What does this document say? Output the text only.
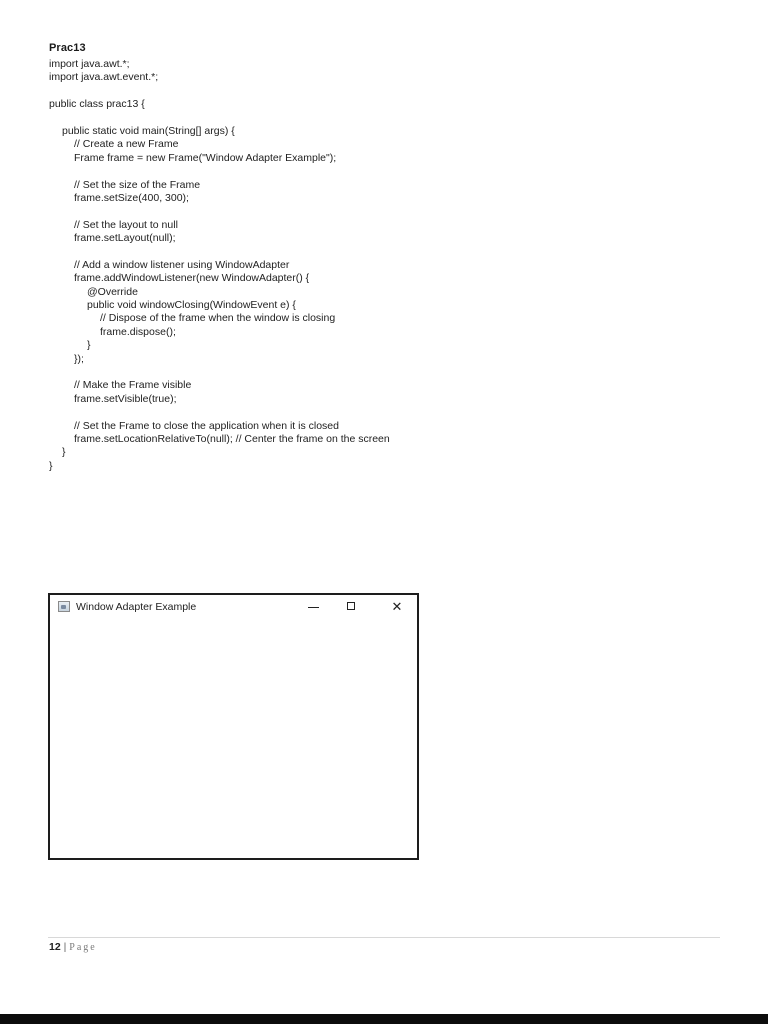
Prac13
import java.awt.*;
import java.awt.event.*;
public class prac13 {
public static void main(String[] args) {
// Create a new Frame
Frame frame = new Frame("Window Adapter Example");
// Set the size of the Frame
frame.setSize(400, 300);
// Set the layout to null
frame.setLayout(null);
// Add a window listener using WindowAdapter
frame.addWindowListener(new WindowAdapter() {
@Override
public void windowClosing(WindowEvent e) {
// Dispose of the frame when the window is closing
frame.dispose();
}
});
// Make the Frame visible
frame.setVisible(true);
// Set the Frame to close the application when it is closed
frame.setLocationRelativeTo(null); // Center the frame on the screen
}
}
Window Adapter Example	✕
12 | Page
